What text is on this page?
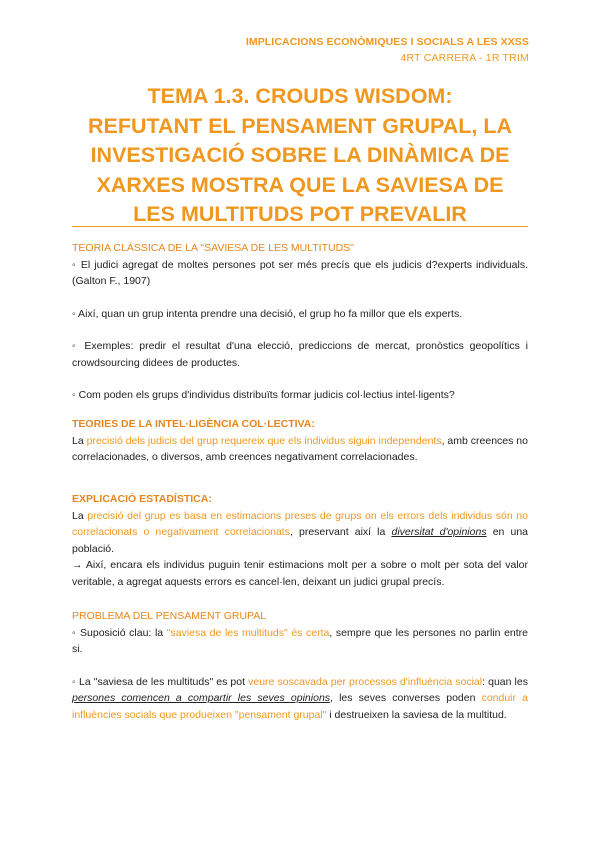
IMPLICACIONS ECONÒMIQUES I SOCIALS A LES XXSS
4RT CARRERA - 1R TRIM
TEMA 1.3. CROUDS WISDOM:
REFUTANT EL PENSAMENT GRUPAL, LA
INVESTIGACIÓ SOBRE LA DINÀMICA DE
XARXES MOSTRA QUE LA SAVIESA DE
LES MULTITUDS POT PREVALIR
TEORIA CLÀSSICA DE LA "SAVIESA DE LES MULTITUDS"
◦ El judici agregat de moltes persones pot ser més precís que els judicis d?experts individuals. (Galton F., 1907)
◦ Així, quan un grup intenta prendre una decisió, el grup ho fa millor que els experts.
◦ Exemples: predir el resultat d'una elecció, prediccions de mercat, pronòstics geopolítics i crowdsourcing didees de productes.
◦ Com poden els grups d'individus distribuïts formar judicis col·lectius intel·ligents?
TEORIES DE LA INTEL·LIGÈNCIA COL·LECTIVA:
La precisió dels judicis del grup requereix que els individus siguin independents, amb creences no correlacionades, o diversos, amb creences negativament correlacionades.
EXPLICACIÓ ESTADÍSTICA:
La precisió del grup es basa en estimacions preses de grups on els errors dels individus són no correlacionats o negativament correlacionats, preservant així la diversitat d'opinions en una població.
→ Així, encara els individus puguin tenir estimacions molt per a sobre o molt per sota del valor veritable, a agregat aquests errors es cancel·len, deixant un judici grupal precís.
PROBLEMA DEL PENSAMENT GRUPAL
◦ Suposició clau: la "saviesa de les multituds" és certa, sempre que les persones no parlin entre si.
◦ La "saviesa de les multituds" es pot veure soscavada per processos d'influència social: quan les persones comencen a compartir les seves opinions, les seves converses poden conduir a influències socials que produeixen "pensament grupal" i destrueixen la saviesa de la multitud.
